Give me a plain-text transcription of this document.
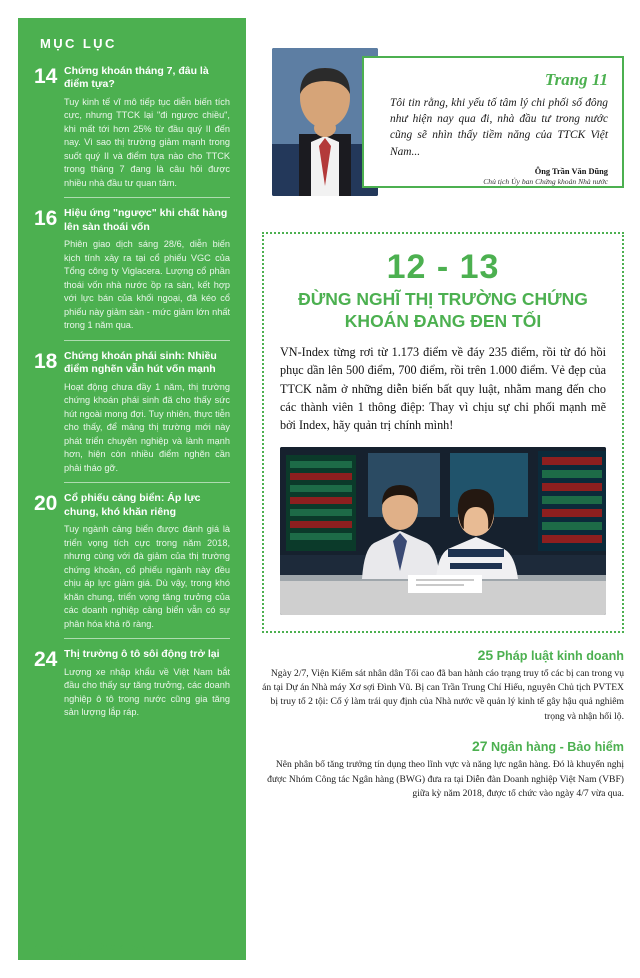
MỤC LỤC
14 Chứng khoán tháng 7, đâu là điểm tựa?
Tuy kinh tế vĩ mô tiếp tục diễn biến tích cực, nhưng TTCK lại "đi ngược chiều", khi mất tới hơn 25% từ đầu quý II đến nay. Vì sao thị trường giảm mạnh trong suốt quý II và điểm tựa nào cho TTCK trong tháng 7 đang là câu hỏi được nhiều nhà đầu tư quan tâm.
16 Hiệu ứng "ngược" khi chất hàng lên sàn thoái vốn
Phiên giao dịch sáng 28/6, diễn biến kịch tính xảy ra tại cổ phiếu VGC của Tổng công ty Viglacera. Lượng cổ phần thoái vốn nhà nước ồp ra sàn, kết hợp với lực bán của khối ngoại, đã kéo cổ phiếu này giảm sàn - mức giảm lớn nhất trong 1 năm qua.
18 Chứng khoán phái sinh: Nhiều điểm nghẽn vẫn hút vốn mạnh
Hoạt động chưa đầy 1 năm, thị trường chứng khoán phái sinh đã cho thấy sức hút ngoài mong đợi. Tuy nhiên, thực tiễn cho thấy, để mảng thị trường mới này phát triển chuyên nghiệp và lành mạnh hơn, hiện còn nhiều điểm nghẽn cần phải tháo gỡ.
20 Cổ phiếu cảng biển: Áp lực chung, khó khăn riêng
Tuy ngành cảng biển được đánh giá là triển vọng tích cực trong năm 2018, nhưng cùng với đà giảm của thị trường chứng khoán, cổ phiếu ngành này đều chịu áp lực giảm giá. Dù vậy, trong khó khăn chung, triển vọng tăng trưởng của các doanh nghiệp cảng biển vẫn có sự phân hóa khá rõ ràng.
24 Thị trường ô tô sôi động trở lại
Lượng xe nhập khẩu về Việt Nam bắt đầu cho thấy sự tăng trưởng, các doanh nghiệp ô tô trong nước cũng gia tăng sản lượng lắp ráp.
4 ĐẦU TƯ CHỨNG KHOÁN
6.7.2018
Trang 11
Tôi tin rằng, khi yếu tố tâm lý chi phối số đông như hiện nay qua đi, nhà đầu tư trong nước cũng sẽ nhìn thấy tiềm năng của TTCK Việt Nam...
Ông Trần Văn Dũng
Chủ tịch Ủy ban Chứng khoán Nhà nước
12 - 13
ĐỪNG NGHĨ THỊ TRƯỜNG CHỨNG KHOÁN ĐANG ĐEN TỐI
VN-Index từng rơi từ 1.173 điểm về đáy 235 điểm, rồi từ đó hồi phục dần lên 500 điểm, 700 điểm, rồi trên 1.000 điểm. Vẻ đẹp của TTCK nằm ở những diễn biến bất quy luật, nhằm mang đến cho các thành viên 1 thông điệp: Thay vì chịu sự chi phối mạnh mẽ bởi Index, hãy quản trị chính mình!
25 Pháp luật kinh doanh
Ngày 2/7, Viện Kiểm sát nhân dân Tối cao đã ban hành cáo trạng truy tố các bị can trong vụ án tại Dự án Nhà máy Xơ sợi Đình Vũ. Bị can Trần Trung Chí Hiếu, nguyên Chủ tịch PVTEX bị truy tố 2 tội: Cố ý làm trái quy định của Nhà nước về quản lý kinh tế gây hậu quả nghiêm trọng và nhận hối lộ.
27 Ngân hàng - Bảo hiểm
Nên phân bổ tăng trưởng tín dụng theo lĩnh vực và năng lực ngân hàng. Đó là khuyến nghị được Nhóm Công tác Ngân hàng (BWG) đưa ra tại Diễn đàn Doanh nghiệp Việt Nam (VBF) giữa kỳ năm 2018, được tổ chức vào ngày 4/7 vừa qua.
